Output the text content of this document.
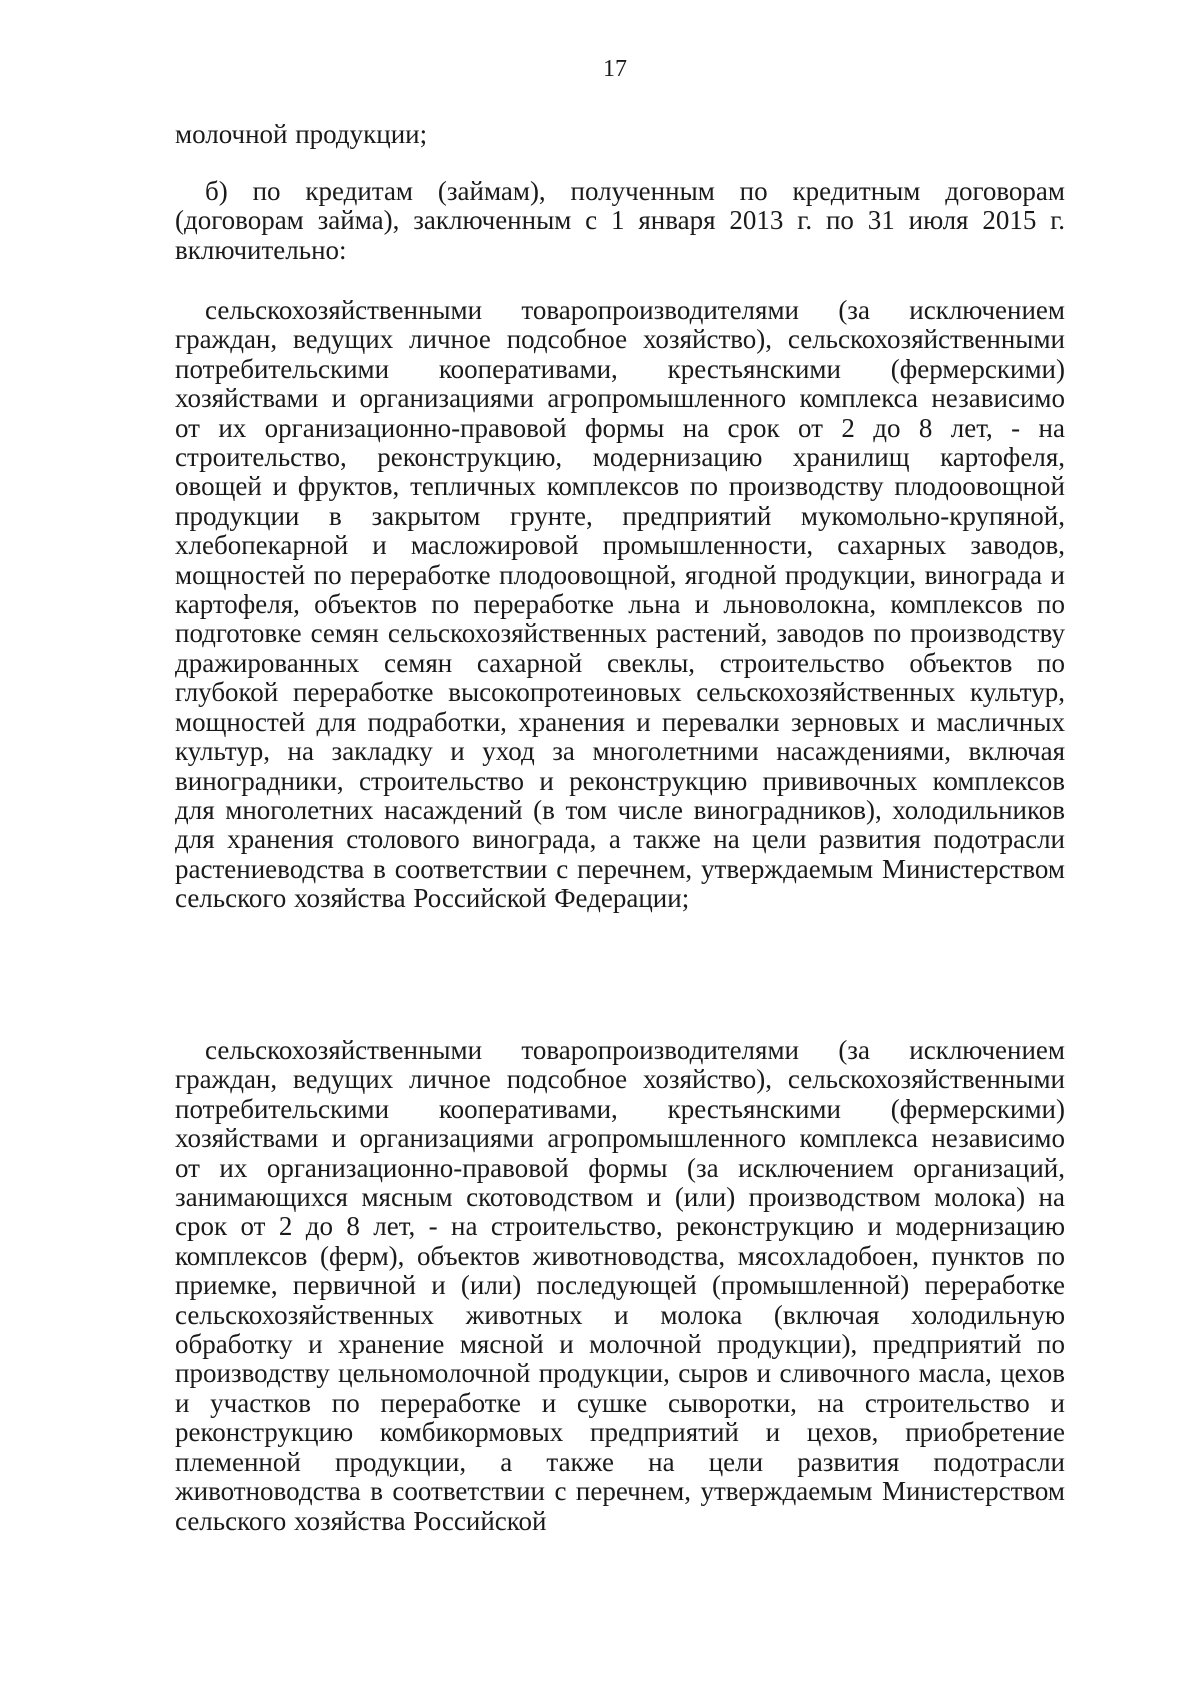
17

молочной продукции;

б) по кредитам (займам), полученным по кредитным договорам (договорам займа), заключенным с 1 января 2013 г. по 31 июля 2015 г. включительно:

сельскохозяйственными товаропроизводителями (за исключением граждан, ведущих личное подсобное хозяйство), сельскохозяйственными потребительскими кооперативами, крестьянскими (фермерскими) хозяйствами и организациями агропромышленного комплекса независимо от их организационно-правовой формы на срок от 2 до 8 лет, - на строительство, реконструкцию, модернизацию хранилищ картофеля, овощей и фруктов, тепличных комплексов по производству плодоовощной продукции в закрытом грунте, предприятий мукомольно-крупяной, хлебопекарной и масложировой промышленности, сахарных заводов, мощностей по переработке плодоовощной, ягодной продукции, винограда и картофеля, объектов по переработке льна и льноволокна, комплексов по подготовке семян сельскохозяйственных растений, заводов по производству дражированных семян сахарной свеклы, строительство объектов по глубокой переработке высокопротеиновых сельскохозяйственных культур, мощностей для подработки, хранения и перевалки зерновых и масличных культур, на закладку и уход за многолетними насаждениями, включая виноградники, строительство и реконструкцию прививочных комплексов для многолетних насаждений (в том числе виноградников), холодильников для хранения столового винограда, а также на цели развития подотрасли растениеводства в соответствии с перечнем, утверждаемым Министерством сельского хозяйства Российской Федерации;

сельскохозяйственными товаропроизводителями (за исключением граждан, ведущих личное подсобное хозяйство), сельскохозяйственными потребительскими кооперативами, крестьянскими (фермерскими) хозяйствами и организациями агропромышленного комплекса независимо от их организационно-правовой формы (за исключением организаций, занимающихся мясным скотоводством и (или) производством молока) на срок от 2 до 8 лет, - на строительство, реконструкцию и модернизацию комплексов (ферм), объектов животноводства, мясохладобоен, пунктов по приемке, первичной и (или) последующей (промышленной) переработке сельскохозяйственных животных и молока (включая холодильную обработку и хранение мясной и молочной продукции), предприятий по производству цельномолочной продукции, сыров и сливочного масла, цехов и участков по переработке и сушке сыворотки, на строительство и реконструкцию комбикормовых предприятий и цехов, приобретение племенной продукции, а также на цели развития подотрасли животноводства в соответствии с перечнем, утверждаемым Министерством сельского хозяйства Российской
